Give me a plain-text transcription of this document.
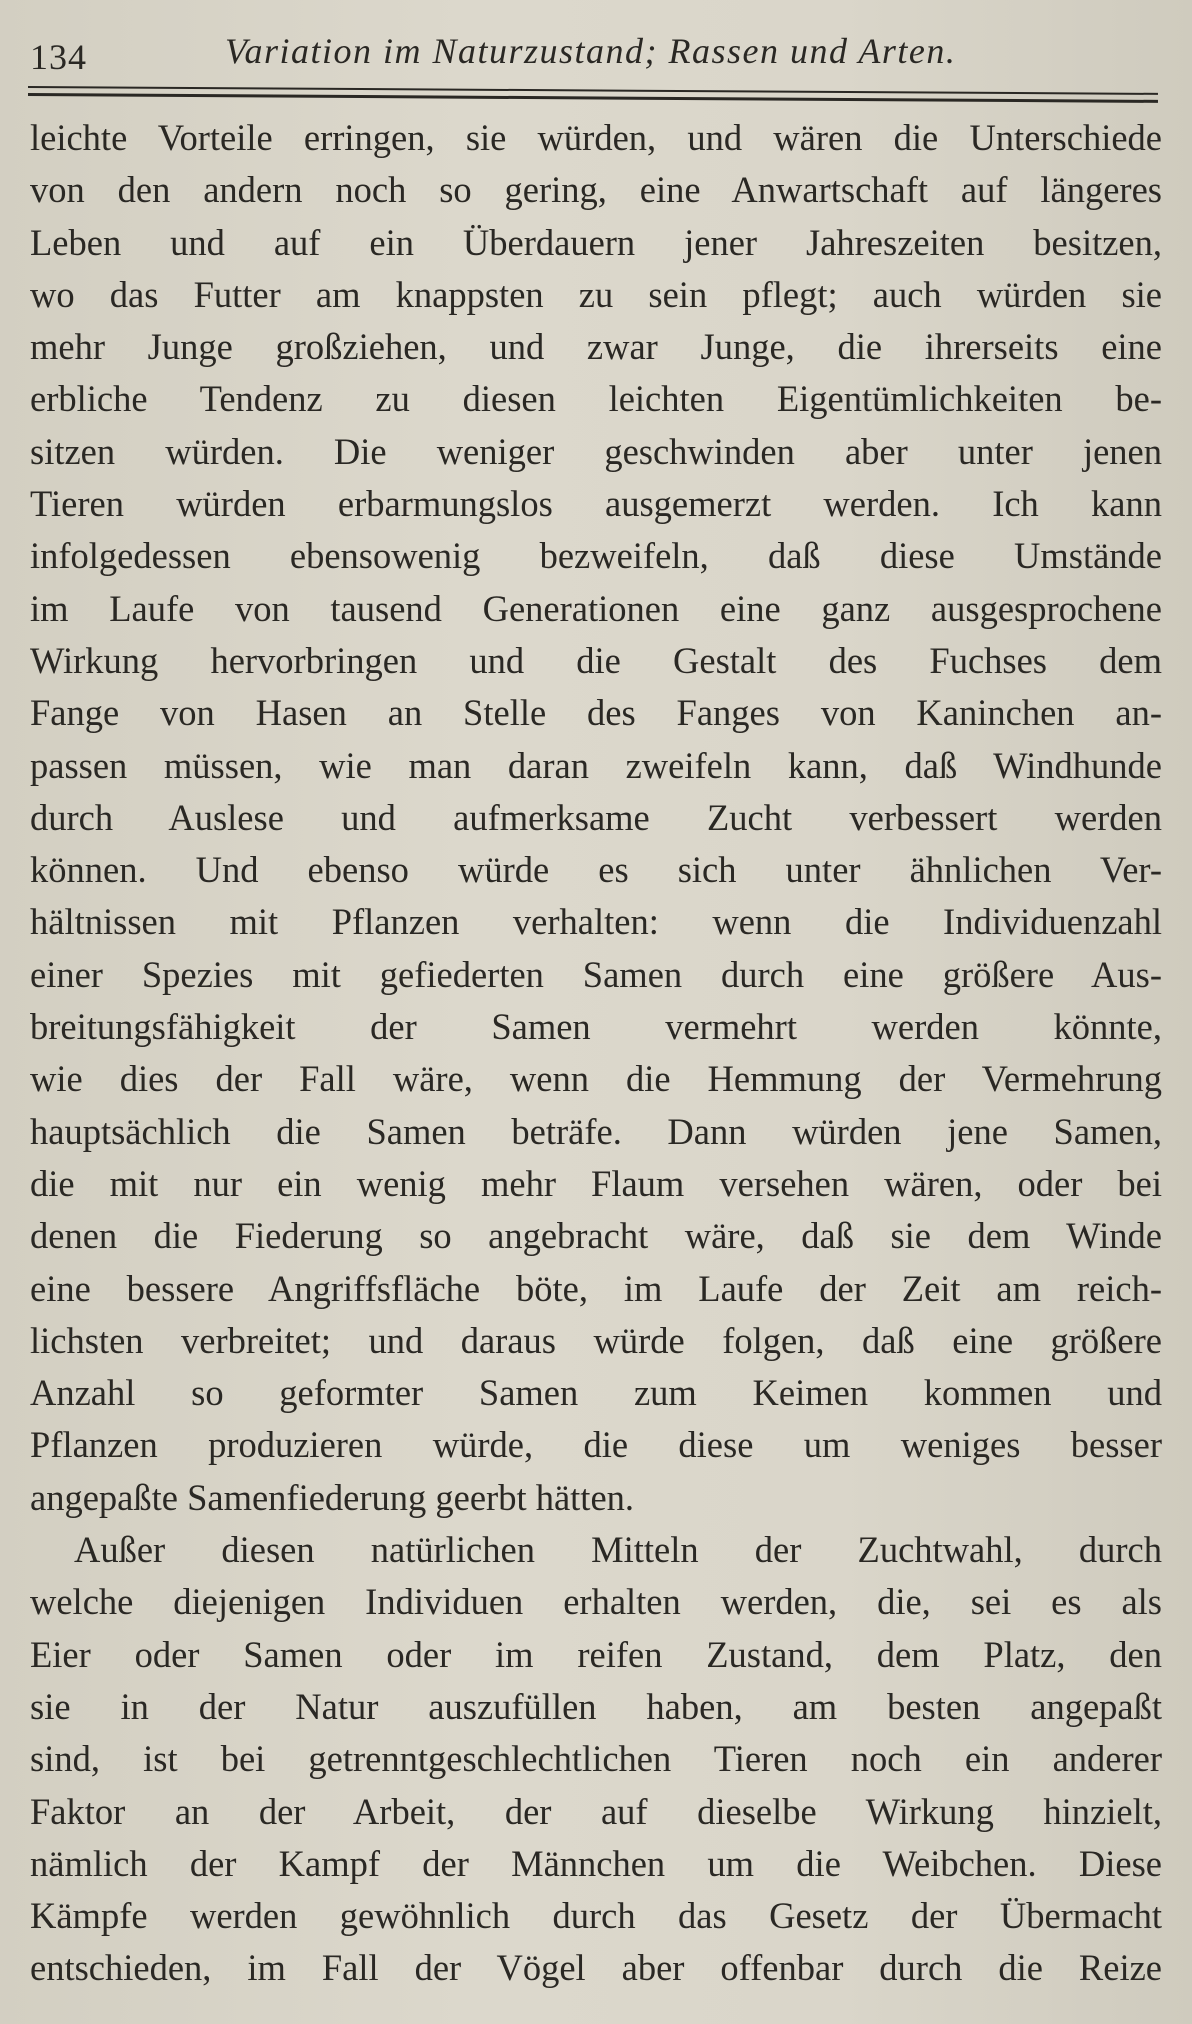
134	Variation im Naturzustand; Rassen und Arten.
leichte Vorteile erringen, sie würden, und wären die Unterschiede
von den andern noch so gering, eine Anwartschaft auf längeres
Leben und auf ein Überdauern jener Jahreszeiten besitzen,
wo das Futter am knappsten zu sein pflegt; auch würden sie
mehr Junge großziehen, und zwar Junge, die ihrerseits eine
erbliche Tendenz zu diesen leichten Eigentümlichkeiten be-
sitzen würden. Die weniger geschwinden aber unter jenen
Tieren würden erbarmungslos ausgemerzt werden. Ich kann
infolgedessen ebensowenig bezweifeln, daß diese Umstände
im Laufe von tausend Generationen eine ganz ausgesprochene
Wirkung hervorbringen und die Gestalt des Fuchses dem
Fange von Hasen an Stelle des Fanges von Kaninchen an-
passen müssen, wie man daran zweifeln kann, daß Windhunde
durch Auslese und aufmerksame Zucht verbessert werden
können. Und ebenso würde es sich unter ähnlichen Ver-
hältnissen mit Pflanzen verhalten: wenn die Individuenzahl
einer Spezies mit gefiederten Samen durch eine größere Aus-
breitungsfähigkeit der Samen vermehrt werden könnte,
wie dies der Fall wäre, wenn die Hemmung der Vermehrung
hauptsächlich die Samen beträfe. Dann würden jene Samen,
die mit nur ein wenig mehr Flaum versehen wären, oder bei
denen die Fiederung so angebracht wäre, daß sie dem Winde
eine bessere Angriffsfläche böte, im Laufe der Zeit am reich-
lichsten verbreitet; und daraus würde folgen, daß eine größere
Anzahl so geformter Samen zum Keimen kommen und
Pflanzen produzieren würde, die diese um weniges besser
angepaßte Samenfiederung geerbt hätten.
Außer diesen natürlichen Mitteln der Zuchtwahl, durch
welche diejenigen Individuen erhalten werden, die, sei es als
Eier oder Samen oder im reifen Zustand, dem Platz, den
sie in der Natur auszufüllen haben, am besten angepaßt
sind, ist bei getrenntgeschlechtlichen Tieren noch ein anderer
Faktor an der Arbeit, der auf dieselbe Wirkung hinzielt,
nämlich der Kampf der Männchen um die Weibchen. Diese
Kämpfe werden gewöhnlich durch das Gesetz der Übermacht
entschieden, im Fall der Vögel aber offenbar durch die Reize
